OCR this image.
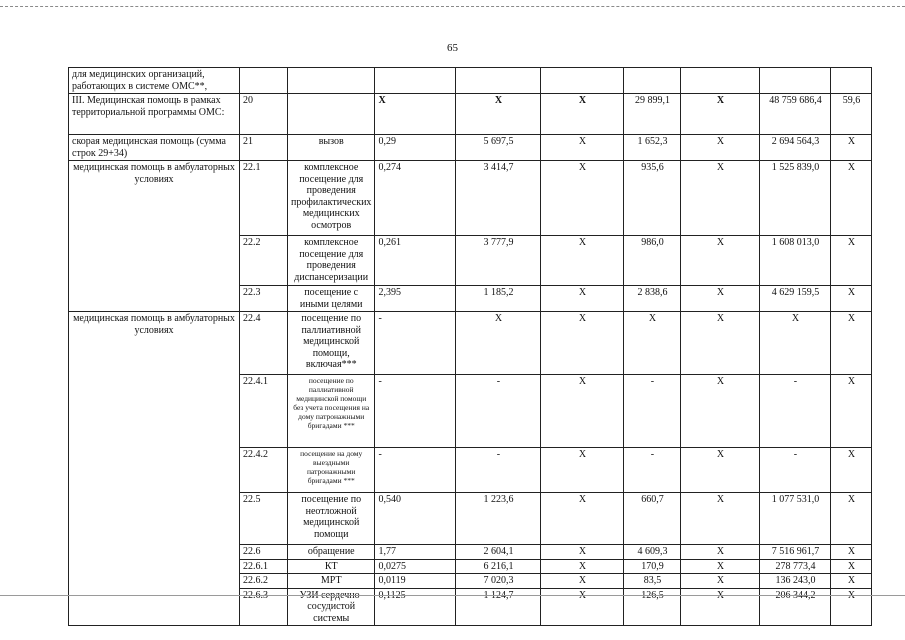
65
для медицинских организаций, работающих в системе ОМС**,									
III. Медицинская помощь в рамках территориальной программы ОМС:	20		X	X	X	29 899,1	X	48 759 686,4	59,6
скорая медицинская помощь (сумма строк 29+34)	21	вызов	0,29	5 697,5	X	1 652,3	X	2 694 564,3	X
медицинская помощь в амбулаторных условиях	22.1	комплексное посещение для проведения профилактических медицинских осмотров	0,274	3 414,7	X	935,6	X	1 525 839,0	X
	22.2	комплексное посещение для проведения диспансеризации	0,261	3 777,9	X	986,0	X	1 608 013,0	X
	22.3	посещение с иными целями	2,395	1 185,2	X	2 838,6	X	4 629 159,5	X
медицинская помощь в амбулаторных условиях	22.4	посещение по паллиативной медицинской помощи, включая***	-	X	X	X	X	X	X
	22.4.1	посещение по паллиативной медицинской помощи без учета посещения на дому патронажными бригадами ***	-	-	X	-	X	-	X
	22.4.2	посещение на дому выездными патронажными бригадами ***	-	-	X	-	X	-	X
	22.5	посещение по неотложной медицинской помощи	0,540	1 223,6	X	660,7	X	1 077 531,0	X
	22.6	обращение	1,77	2 604,1	X	4 609,3	X	7 516 961,7	X
	22.6.1	КТ	0,0275	6 216,1	X	170,9	X	278 773,4	X
	22.6.2	МРТ	0,0119	7 020,3	X	83,5	X	136 243,0	X
	22.6.3	УЗИ сердечно-сосудистой системы	0,1125	1 124,7	X	126,5	X	206 344,2	X
